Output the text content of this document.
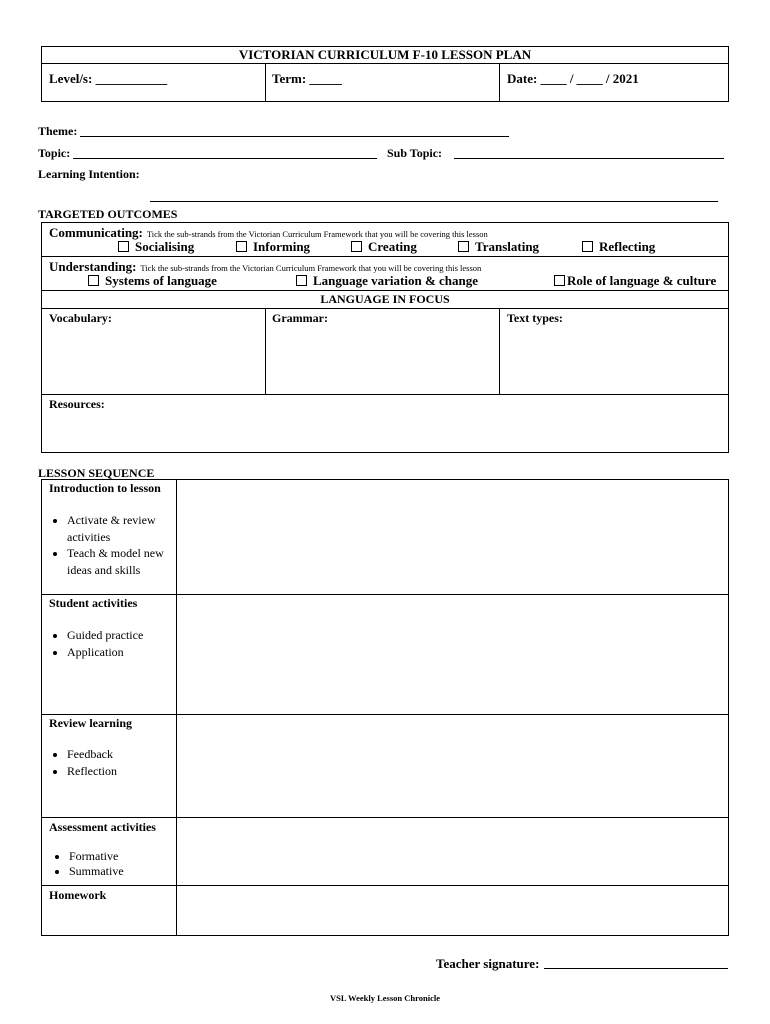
VICTORIAN CURRICULUM F-10 LESSON PLAN
Level/s: ___________	Term: _____	Date: ____ / ____ / 2021
Theme:
Topic:	Sub Topic:
Learning Intention:
TARGETED OUTCOMES
Communicating: Tick the sub-strands from the Victorian Curriculum Framework that you will be covering this lesson
Socialising	Informing	Creating	Translating	Reflecting
Understanding: Tick the sub-strands from the Victorian Curriculum Framework that you will be covering this lesson
Systems of language	Language variation & change	Role of language & culture
LANGUAGE IN FOCUS
Vocabulary:	Grammar:	Text types:
Resources:
LESSON SEQUENCE
Introduction to lesson
• Activate & review activities
• Teach & model new ideas and skills
Student activities
• Guided practice
• Application
Review learning
• Feedback
• Reflection
Assessment activities
• Formative
• Summative
Homework
Teacher signature:
VSL Weekly Lesson Chronicle
